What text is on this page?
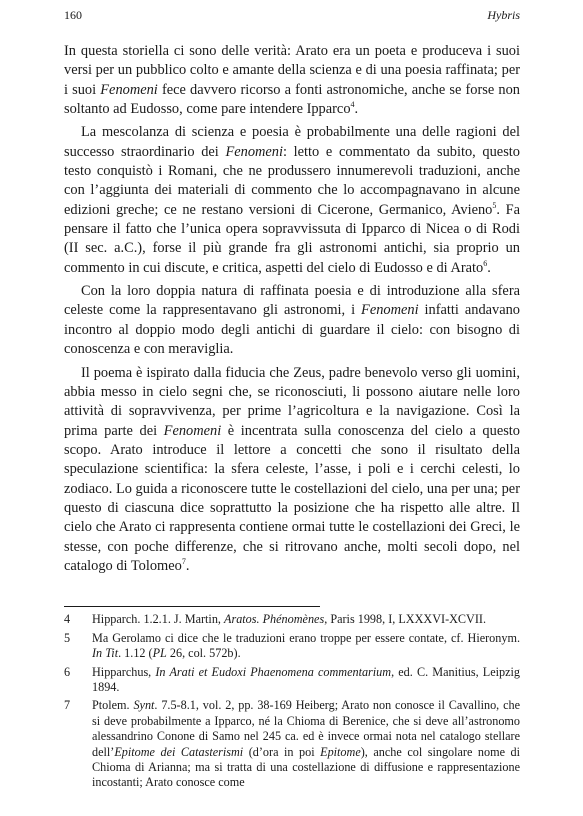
160	Hybris

In questa storiella ci sono delle verità: Arato era un poeta e produceva i suoi versi per un pubblico colto e amante della scienza e di una poesia raffinata; per i suoi Fenomeni fece davvero ricorso a fonti astronomiche, anche se forse non soltanto ad Eudosso, come pare intendere Ipparco$^4$.

La mescolanza di scienza e poesia è probabilmente una delle ragioni del successo straordinario dei Fenomeni: letto e commentato da subito, questo testo conquistò i Romani, che ne produssero innumerevoli traduzioni, anche con l’aggiunta dei materiali di commento che lo accompagnavano in alcune edizioni greche; ce ne restano versioni di Cicerone, Germanico, Avieno$^5$. Fa pensare il fatto che l’unica opera sopravvissuta di Ipparco di Nicea o di Rodi (II sec. a.C.), forse il più grande fra gli astronomi antichi, sia proprio un commento in cui discute, e critica, aspetti del cielo di Eudosso e di Arato$^6$.

Con la loro doppia natura di raffinata poesia e di introduzione alla sfera celeste come la rappresentavano gli astronomi, i Fenomeni infatti andavano incontro al doppio modo degli antichi di guardare il cielo: con bisogno di conoscenza e con meraviglia.

Il poema è ispirato dalla fiducia che Zeus, padre benevolo verso gli uomini, abbia messo in cielo segni che, se riconosciuti, li possono aiutare nelle loro attività di sopravvivenza, per prime l’agricoltura e la navigazione. Così la prima parte dei Fenomeni è incentrata sulla conoscenza del cielo a questo scopo. Arato introduce il lettore a concetti che sono il risultato della speculazione scientifica: la sfera celeste, l’asse, i poli e i cerchi celesti, lo zodiaco. Lo guida a riconoscere tutte le costellazioni del cielo, una per una; per questo di ciascuna dice soprattutto la posizione che ha rispetto alle altre. Il cielo che Arato ci rappresenta contiene ormai tutte le costellazioni dei Greci, le stesse, con poche differenze, che si ritrovano anche, molti secoli dopo, nel catalogo di Tolomeo$^7$.

4	Hipparch. 1.2.1. J. Martin, Aratos. Phénomènes, Paris 1998, I, LXXXVI-XCVII.
5	Ma Gerolamo ci dice che le traduzioni erano troppe per essere contate, cf. Hieronym. In Tit. 1.12 (PL 26, col. 572b).
6	Hipparchus, In Arati et Eudoxi Phaenomena commentarium, ed. C. Manitius, Leipzig 1894.
7	Ptolem. Synt. 7.5-8.1, vol. 2, pp. 38-169 Heiberg; Arato non conosce il Cavallino, che si deve probabilmente a Ipparco, né la Chioma di Berenice, che si deve all’astronomo alessandrino Conone di Samo nel 245 ca. ed è invece ormai nota nel catalogo stellare dell’Epitome dei Catasterismi (d’ora in poi Epitome), anche col singolare nome di Chioma di Arianna; ma si tratta di una costellazione di diffusione e rappresentazione incostanti; Arato conosce come
